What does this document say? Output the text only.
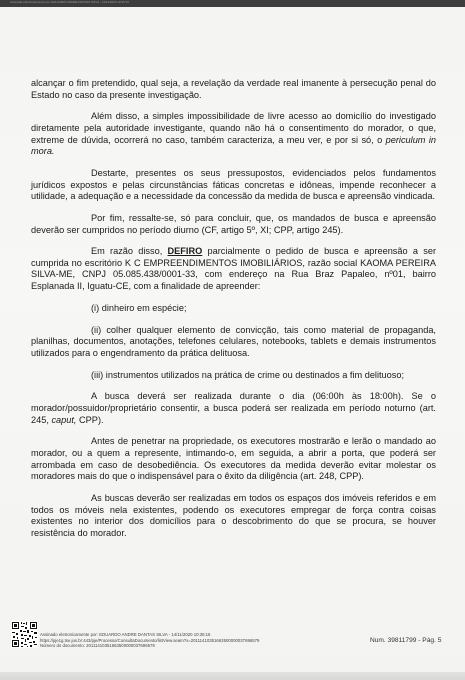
Assinado eletronicamente por: EDUARDO ANDRE DANTAS SILVA - 14/11/2020 10:35:16

alcançar o fim pretendido, qual seja, a revelação da verdade real imanente à persecução penal do Estado no caso da presente investigação.

Além disso, a simples impossibilidade de livre acesso ao domicílio do investigado diretamente pela autoridade investigante, quando não há o consentimento do morador, o que, extreme de dúvida, ocorrerá no caso, também caracteriza, a meu ver, e por si só, o periculum in mora.

Destarte, presentes os seus pressupostos, evidenciados pelos fundamentos jurídicos expostos e pelas circunstâncias fáticas concretas e idôneas, impende reconhecer a utilidade, a adequação e a necessidade da concessão da medida de busca e apreensão vindicada.

Por fim, ressalte-se, só para concluir, que, os mandados de busca e apreensão deverão ser cumpridos no período diurno (CF, artigo 5º, XI; CPP, artigo 245).

Em razão disso, DEFIRO parcialmente o pedido de busca e apreensão a ser cumprida no escritório K C EMPREENDIMENTOS IMOBILIÁRIOS, razão social KAOMA PEREIRA SILVA-ME, CNPJ 05.085.438/0001-33, com endereço na Rua Braz Papaleo, nº01, bairro Esplanada II, Iguatu-CE, com a finalidade de apreender:

(i) dinheiro em espécie;

(ii) colher qualquer elemento de convicção, tais como material de propaganda, planilhas, documentos, anotações, telefones celulares, notebooks, tablets e demais instrumentos utilizados para o engendramento da prática delituosa.

(iii) instrumentos utilizados na prática de crime ou destinados a fim delituoso;

A busca deverá ser realizada durante o dia (06:00h às 18:00h). Se o morador/possuidor/proprietário consentir, a busca poderá ser realizada em período noturno (art. 245, caput, CPP).

Antes de penetrar na propriedade, os executores mostrarão e lerão o mandado ao morador, ou a quem a represente, intimando-o, em seguida, a abrir a porta, que poderá ser arrombada em caso de desobediência. Os executores da medida deverão evitar molestar os moradores mais do que o indispensável para o êxito da diligência (art. 248, CPP).

As buscas deverão ser realizadas em todos os espaços dos imóveis referidos e em todos os móveis nela existentes, podendo os executores empregar de força contra coisas existentes no interior dos domicílios para o descobrimento do que se procura, se houver resistência do morador.

Assinado eletronicamente por: EDUARDO ANDRE DANTAS SILVA - 14/11/2020 10:35:16
https://pje1g.tse.jus.br:443/pje/Processo/ConsultaDocumento/listView.seam?x=20111410351663500000037696579
Número do documento: 20111410351663500000037696579
Num. 39811799 - Pág. 5
